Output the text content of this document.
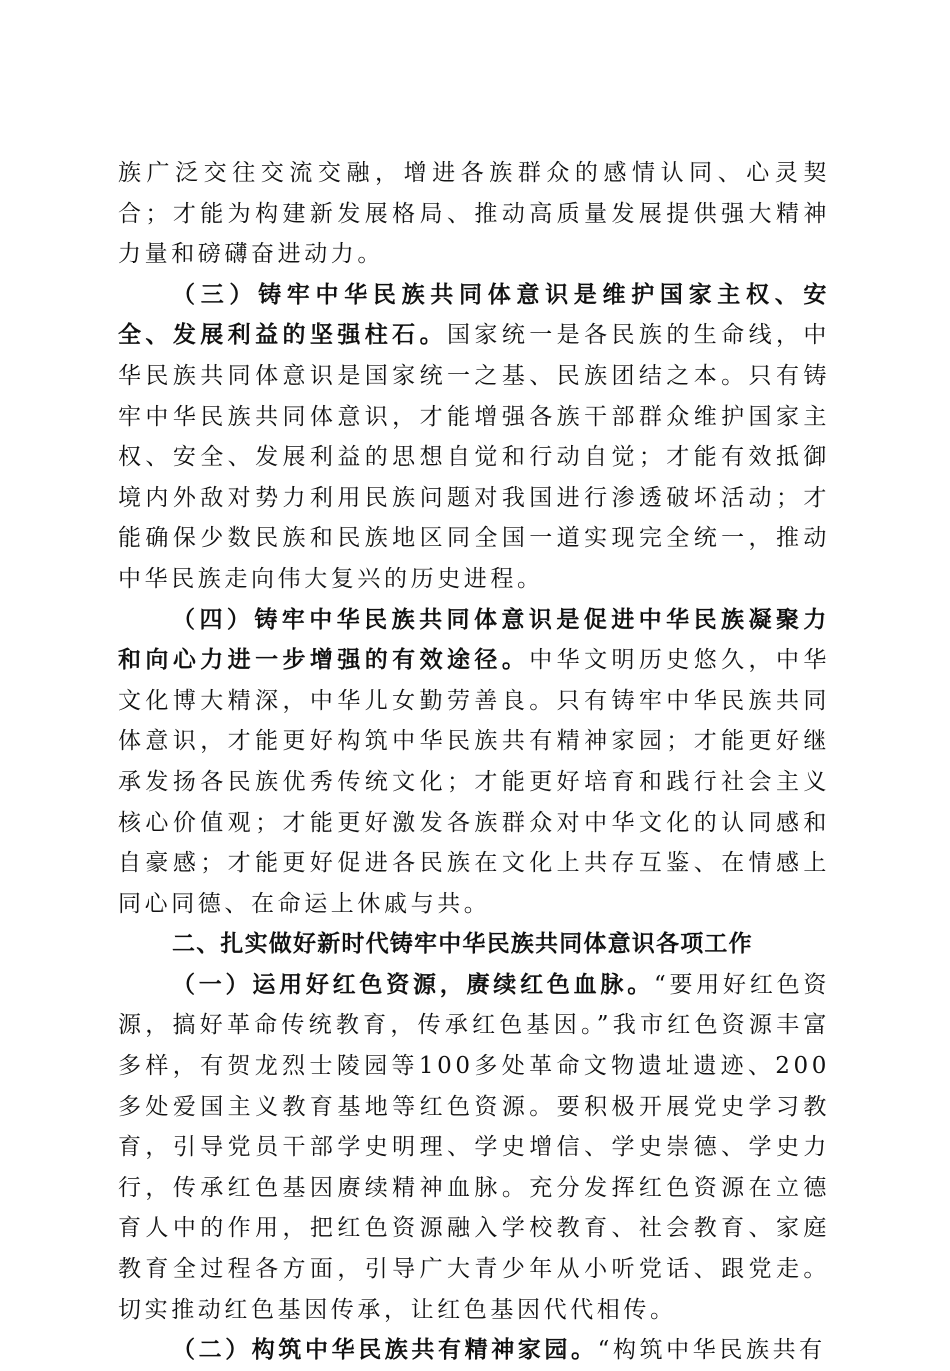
族广泛交往交流交融，增进各族群众的感情认同、心灵契合；才能为构建新发展格局、推动高质量发展提供强大精神力量和磅礴奋进动力。

（三）铸牢中华民族共同体意识是维护国家主权、安全、发展利益的坚强柱石。国家统一是各民族的生命线，中华民族共同体意识是国家统一之基、民族团结之本。只有铸牢中华民族共同体意识，才能增强各族干部群众维护国家主权、安全、发展利益的思想自觉和行动自觉；才能有效抵御境内外敌对势力利用民族问题对我国进行渗透破坏活动；才能确保少数民族和民族地区同全国一道实现完全统一，推动中华民族走向伟大复兴的历史进程。

（四）铸牢中华民族共同体意识是促进中华民族凝聚力和向心力进一步增强的有效途径。中华文明历史悠久，中华文化博大精深，中华儿女勤劳善良。只有铸牢中华民族共同体意识，才能更好构筑中华民族共有精神家园；才能更好继承发扬各民族优秀传统文化；才能更好培育和践行社会主义核心价值观；才能更好激发各族群众对中华文化的认同感和自豪感；才能更好促进各民族在文化上共存互鉴、在情感上同心同德、在命运上休戚与共。

二、扎实做好新时代铸牢中华民族共同体意识各项工作

（一）运用好红色资源，赓续红色血脉。“要用好红色资源，搞好革命传统教育，传承红色基因。”我市红色资源丰富多样，有贺龙烈士陵园等100多处革命文物遗址遗迹、200多处爱国主义教育基地等红色资源。要积极开展党史学习教育，引导党员干部学史明理、学史增信、学史崇德、学史力行，传承红色基因赓续精神血脉。充分发挥红色资源在立德育人中的作用，把红色资源融入学校教育、社会教育、家庭教育全过程各方面，引导广大青少年从小听党话、跟党走。切实推动红色基因传承，让红色基因代代相传。

（二）构筑中华民族共有精神家园。“构筑中华民族共有
